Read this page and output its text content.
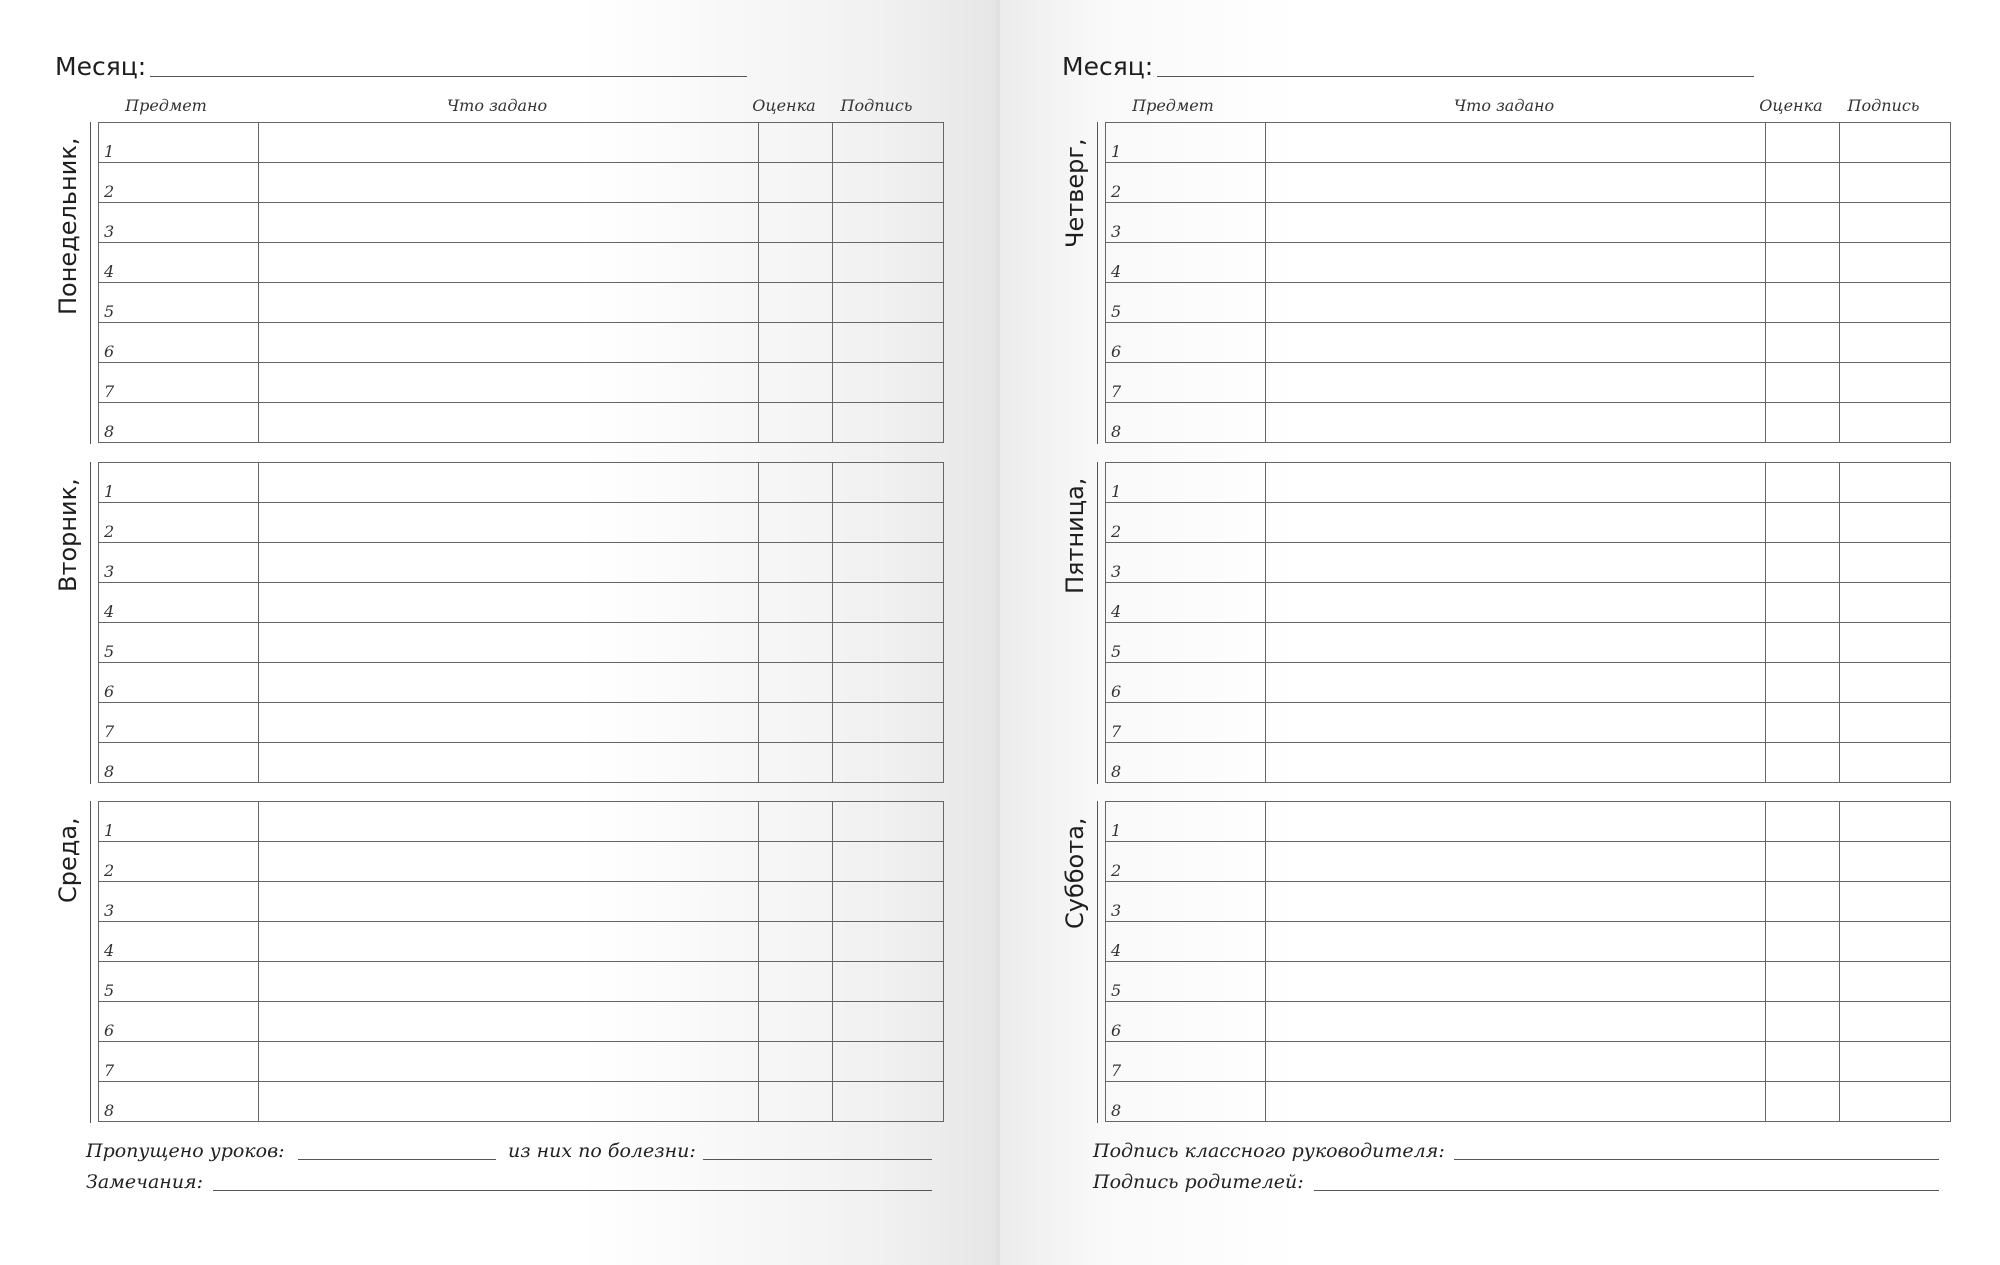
Месяц:
Предмет	Что задано	Оценка	Подпись
Понедельник, 1			

2			

3			

4			

5			

6			

7			

8			

Вторник, 1			

2			

3			

4			

5			

6			

7			

8			

Среда, 1			

2			

3			

4			

5			

6			

7			

8			

Пропущено уроков:	из них по болезни:
Замечания:
Месяц:
Предмет	Что задано	Оценка	Подпись
Четверг, 1			

2			

3			

4			

5			

6			

7			

8			

Пятница, 1			

2			

3			

4			

5			

6			

7			

8			

Суббота, 1			

2			

3			

4			

5			

6			

7			

8			

Подпись классного руководителя:
Подпись родителей:
